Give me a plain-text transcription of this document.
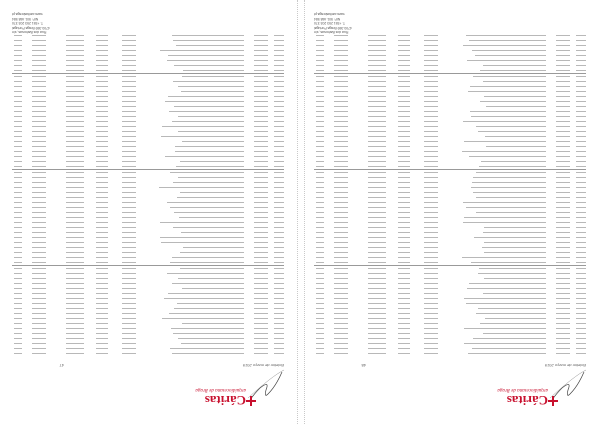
Cáritas
arquidiocesana de Braga
Boletim de março 2019
47
Rua dos Barbosas, s/n
4700-369 Braga Portugal
T. +351 253 203 370
NIF: 501 468 584
www.caritasbraga.pt
Cáritas
arquidiocesana de Braga
Boletim de março 2019
48
Rua dos Barbosas, s/n
4700-369 Braga Portugal
T. +351 253 203 370
NIF: 501 468 584
www.caritasbraga.pt
